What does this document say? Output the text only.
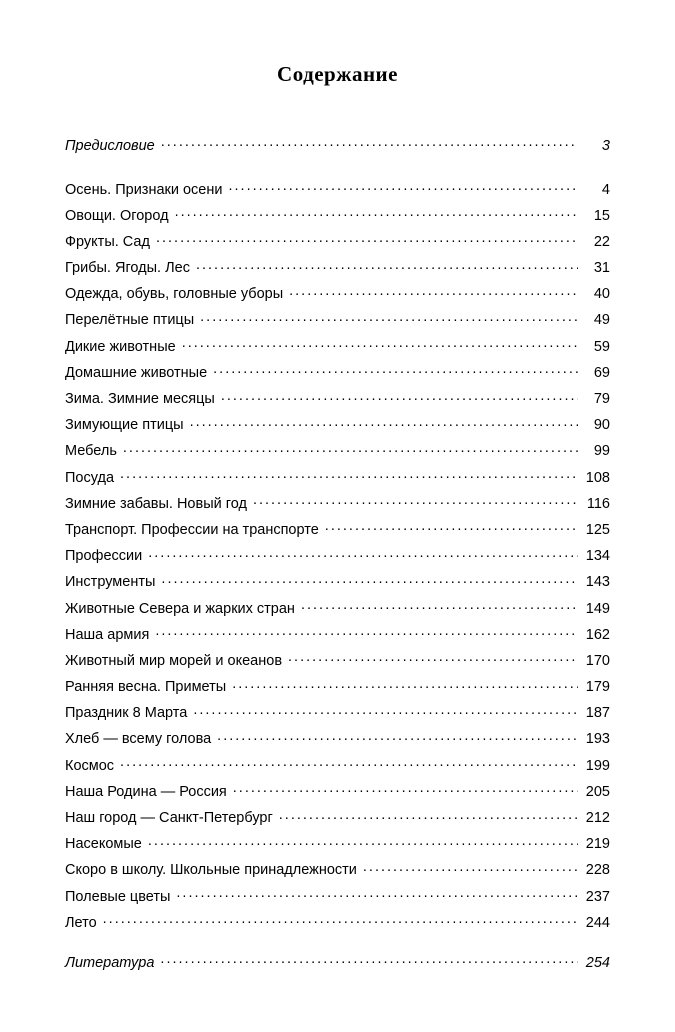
Содержание
Предисловие .....	3
Осень. Признаки осени .....	4
Овощи. Огород .....	15
Фрукты. Сад .....	22
Грибы. Ягоды. Лес .....	31
Одежда, обувь, головные уборы .....	40
Перелётные птицы .....	49
Дикие животные .....	59
Домашние животные .....	69
Зима. Зимние месяцы .....	79
Зимующие птицы .....	90
Мебель .....	99
Посуда .....	108
Зимние забавы. Новый год .....	116
Транспорт. Профессии на транспорте .....	125
Профессии .....	134
Инструменты .....	143
Животные Севера и жарких стран .....	149
Наша армия .....	162
Животный мир морей и океанов .....	170
Ранняя весна. Приметы .....	179
Праздник 8 Марта .....	187
Хлеб — всему голова .....	193
Космос .....	199
Наша Родина — Россия .....	205
Наш город — Санкт-Петербург .....	212
Насекомые .....	219
Скоро в школу. Школьные принадлежности .....	228
Полевые цветы .....	237
Лето .....	244
Литература .....	254
